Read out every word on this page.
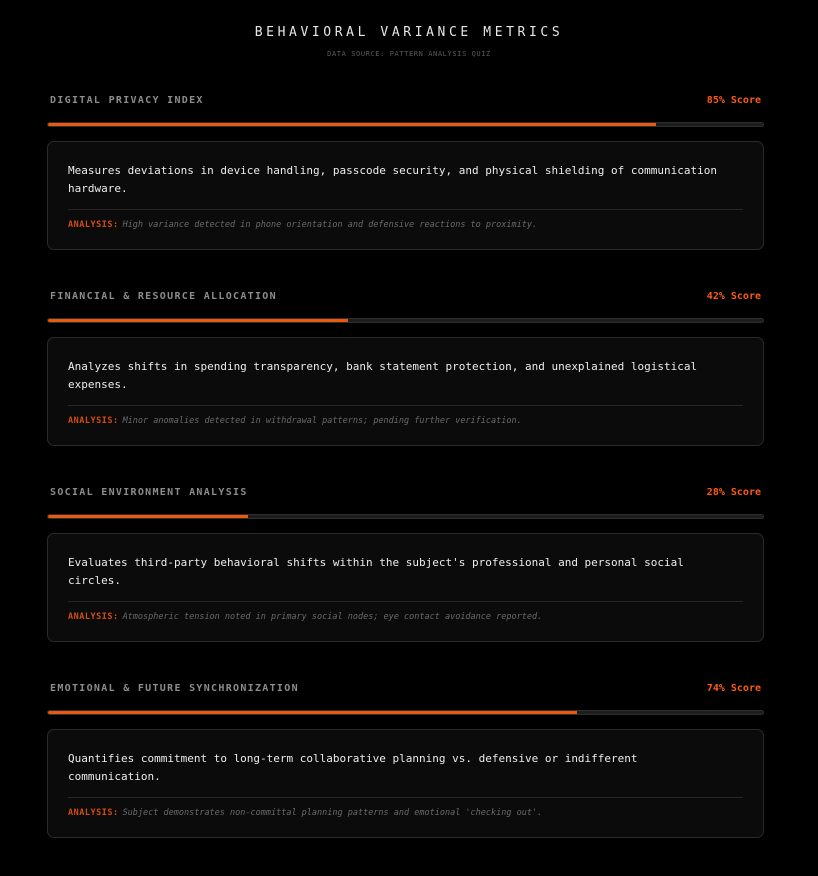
BEHAVIORAL VARIANCE METRICS
DATA SOURCE: PATTERN ANALYSIS QUIZ
DIGITAL PRIVACY INDEX	85% Score

Measures deviations in device handling, passcode security, and physical shielding of communication hardware.

ANALYSIS: High variance detected in phone orientation and defensive reactions to proximity.
FINANCIAL & RESOURCE ALLOCATION	42% Score

Analyzes shifts in spending transparency, bank statement protection, and unexplained logistical expenses.

ANALYSIS: Minor anomalies detected in withdrawal patterns; pending further verification.
SOCIAL ENVIRONMENT ANALYSIS	28% Score

Evaluates third-party behavioral shifts within the subject's professional and personal social circles.

ANALYSIS: Atmospheric tension noted in primary social nodes; eye contact avoidance reported.
EMOTIONAL & FUTURE SYNCHRONIZATION	74% Score

Quantifies commitment to long-term collaborative planning vs. defensive or indifferent communication.

ANALYSIS: Subject demonstrates non-committal planning patterns and emotional 'checking out'.
